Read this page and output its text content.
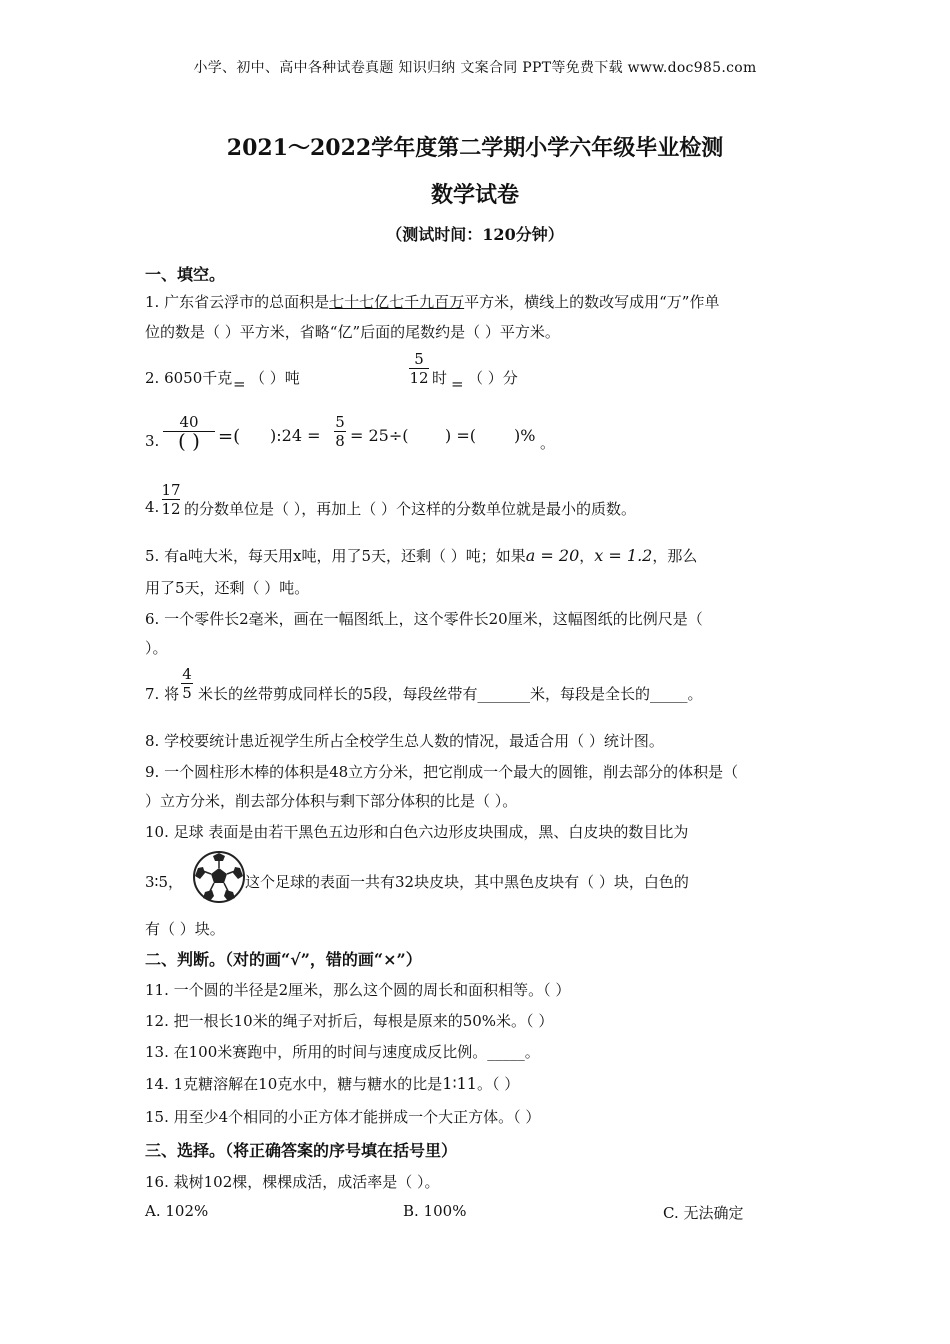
小学、初中、高中各种试卷真题 知识归纳 文案合同 PPT等免费下载 www.doc985.com
2021～2022学年度第二学期小学六年级毕业检测
数学试卷
（测试时间：120分钟）
一、填空。
1. 广东省云浮市的总面积是七十七亿七千九百万平方米，横线上的数改写成用“万”作单
位的数是（ ）平方米，省略“亿”后面的尾数约是（ ）平方米。
2. 6050千克 = （ ）吨
5
12 时 = （ ）分
3.
40
( )	=( ):24 =
5
8 = 25÷( ) =( )% 。
4.
17
12 的分数单位是（ ），再加上（ ）个这样的分数单位就是最小的质数。
5. 有a吨大米，每天用x吨，用了5天，还剩（ ）吨；如果a = 20，x = 1.2，那么
用了5天，还剩（ ）吨。
6. 一个零件长2毫米，画在一幅图纸上，这个零件长20厘米，这幅图纸的比例尺是（
）。
7. 将
4
5 米长的丝带剪成同样长的5段，每段丝带有_______米，每段是全长的_____。
8. 学校要统计患近视学生所占全校学生总人数的情况，最适合用（ ）统计图。
9. 一个圆柱形木棒的体积是48立方分米，把它削成一个最大的圆锥，削去部分的体积是（
）立方分米，削去部分体积与剩下部分体积的比是（ ）。
10. 足球 表面是由若干黑色五边形和白色六边形皮块围成，黑、白皮块的数目比为
3∶5，	这个足球的表面一共有32块皮块，其中黑色皮块有（ ）块，白色的
有（ ）块。
二、判断。（对的画“√”，错的画“×”）
11. 一个圆的半径是2厘米，那么这个圆的周长和面积相等。（ ）
12. 把一根长10米的绳子对折后，每根是原来的50%米。（ ）
13. 在100米赛跑中，所用的时间与速度成反比例。_____。
14. 1克糖溶解在10克水中，糖与糖水的比是1∶11。（ ）
15. 用至少4个相同的小正方体才能拼成一个大正方体。（ ）
三、选择。（将正确答案的序号填在括号里）
16. 栽树102棵，棵棵成活，成活率是（ ）。
A. 102%	B. 100%	C. 无法确定
